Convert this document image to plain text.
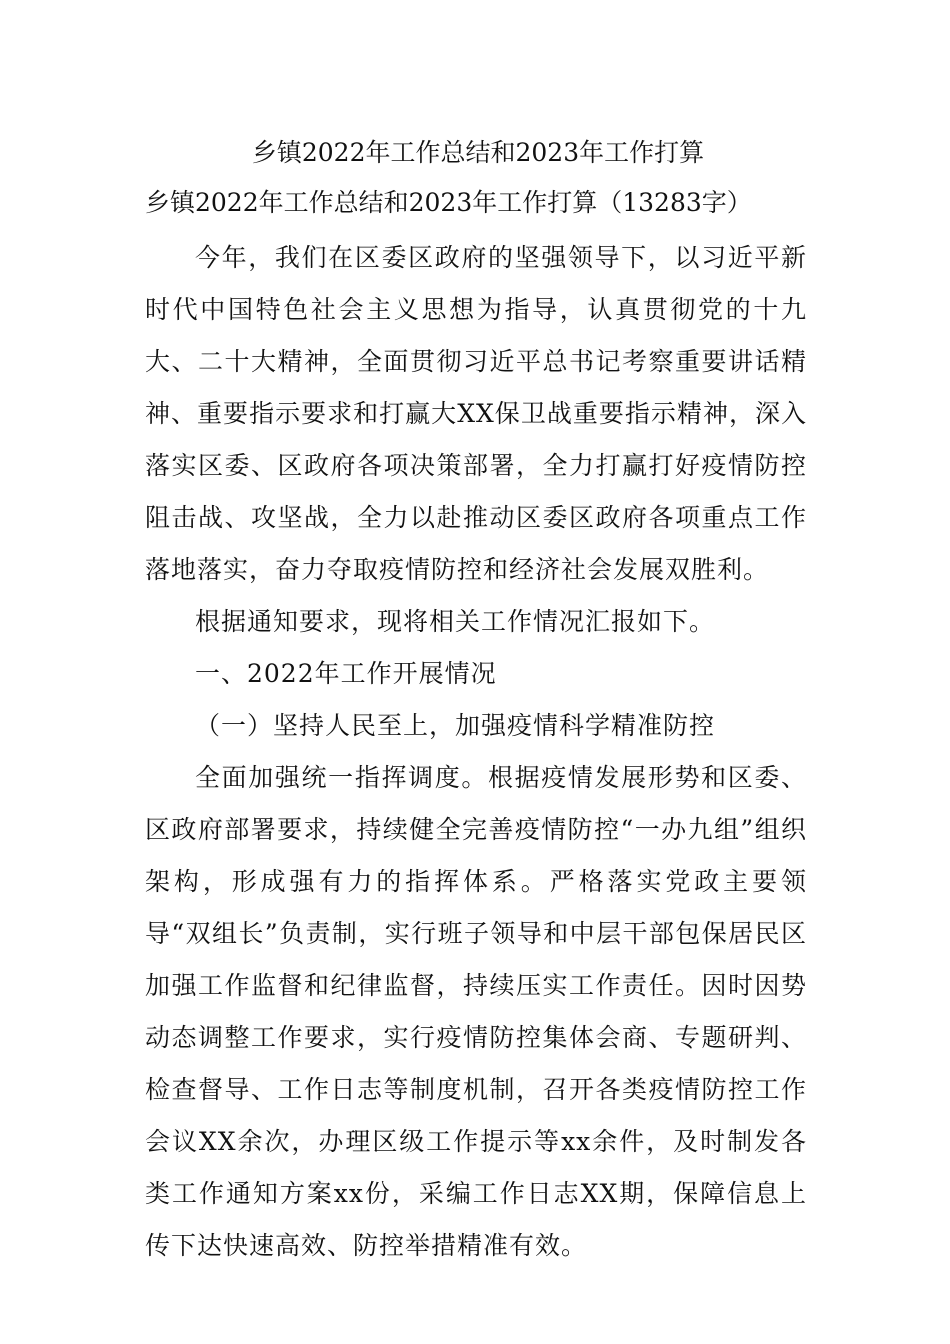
乡镇2022年工作总结和2023年工作打算
乡镇2022年工作总结和2023年工作打算（13283字）

今年，我们在区委区政府的坚强领导下，以习近平新时代中国特色社会主义思想为指导，认真贯彻党的十九大、二十大精神，全面贯彻习近平总书记考察重要讲话精神、重要指示要求和打赢大XX保卫战重要指示精神，深入落实区委、区政府各项决策部署，全力打赢打好疫情防控阻击战、攻坚战，全力以赴推动区委区政府各项重点工作落地落实，奋力夺取疫情防控和经济社会发展双胜利。

根据通知要求，现将相关工作情况汇报如下。

一、2022年工作开展情况

（一）坚持人民至上，加强疫情科学精准防控

全面加强统一指挥调度。根据疫情发展形势和区委、区政府部署要求，持续健全完善疫情防控“一办九组”组织架构，形成强有力的指挥体系。严格落实党政主要领导“双组长”负责制，实行班子领导和中层干部包保居民区加强工作监督和纪律监督，持续压实工作责任。因时因势动态调整工作要求，实行疫情防控集体会商、专题研判、检查督导、工作日志等制度机制，召开各类疫情防控工作会议XX余次，办理区级工作提示等xx余件，及时制发各类工作通知方案xx份，采编工作日志XX期，保障信息上传下达快速高效、防控举措精准有效。
